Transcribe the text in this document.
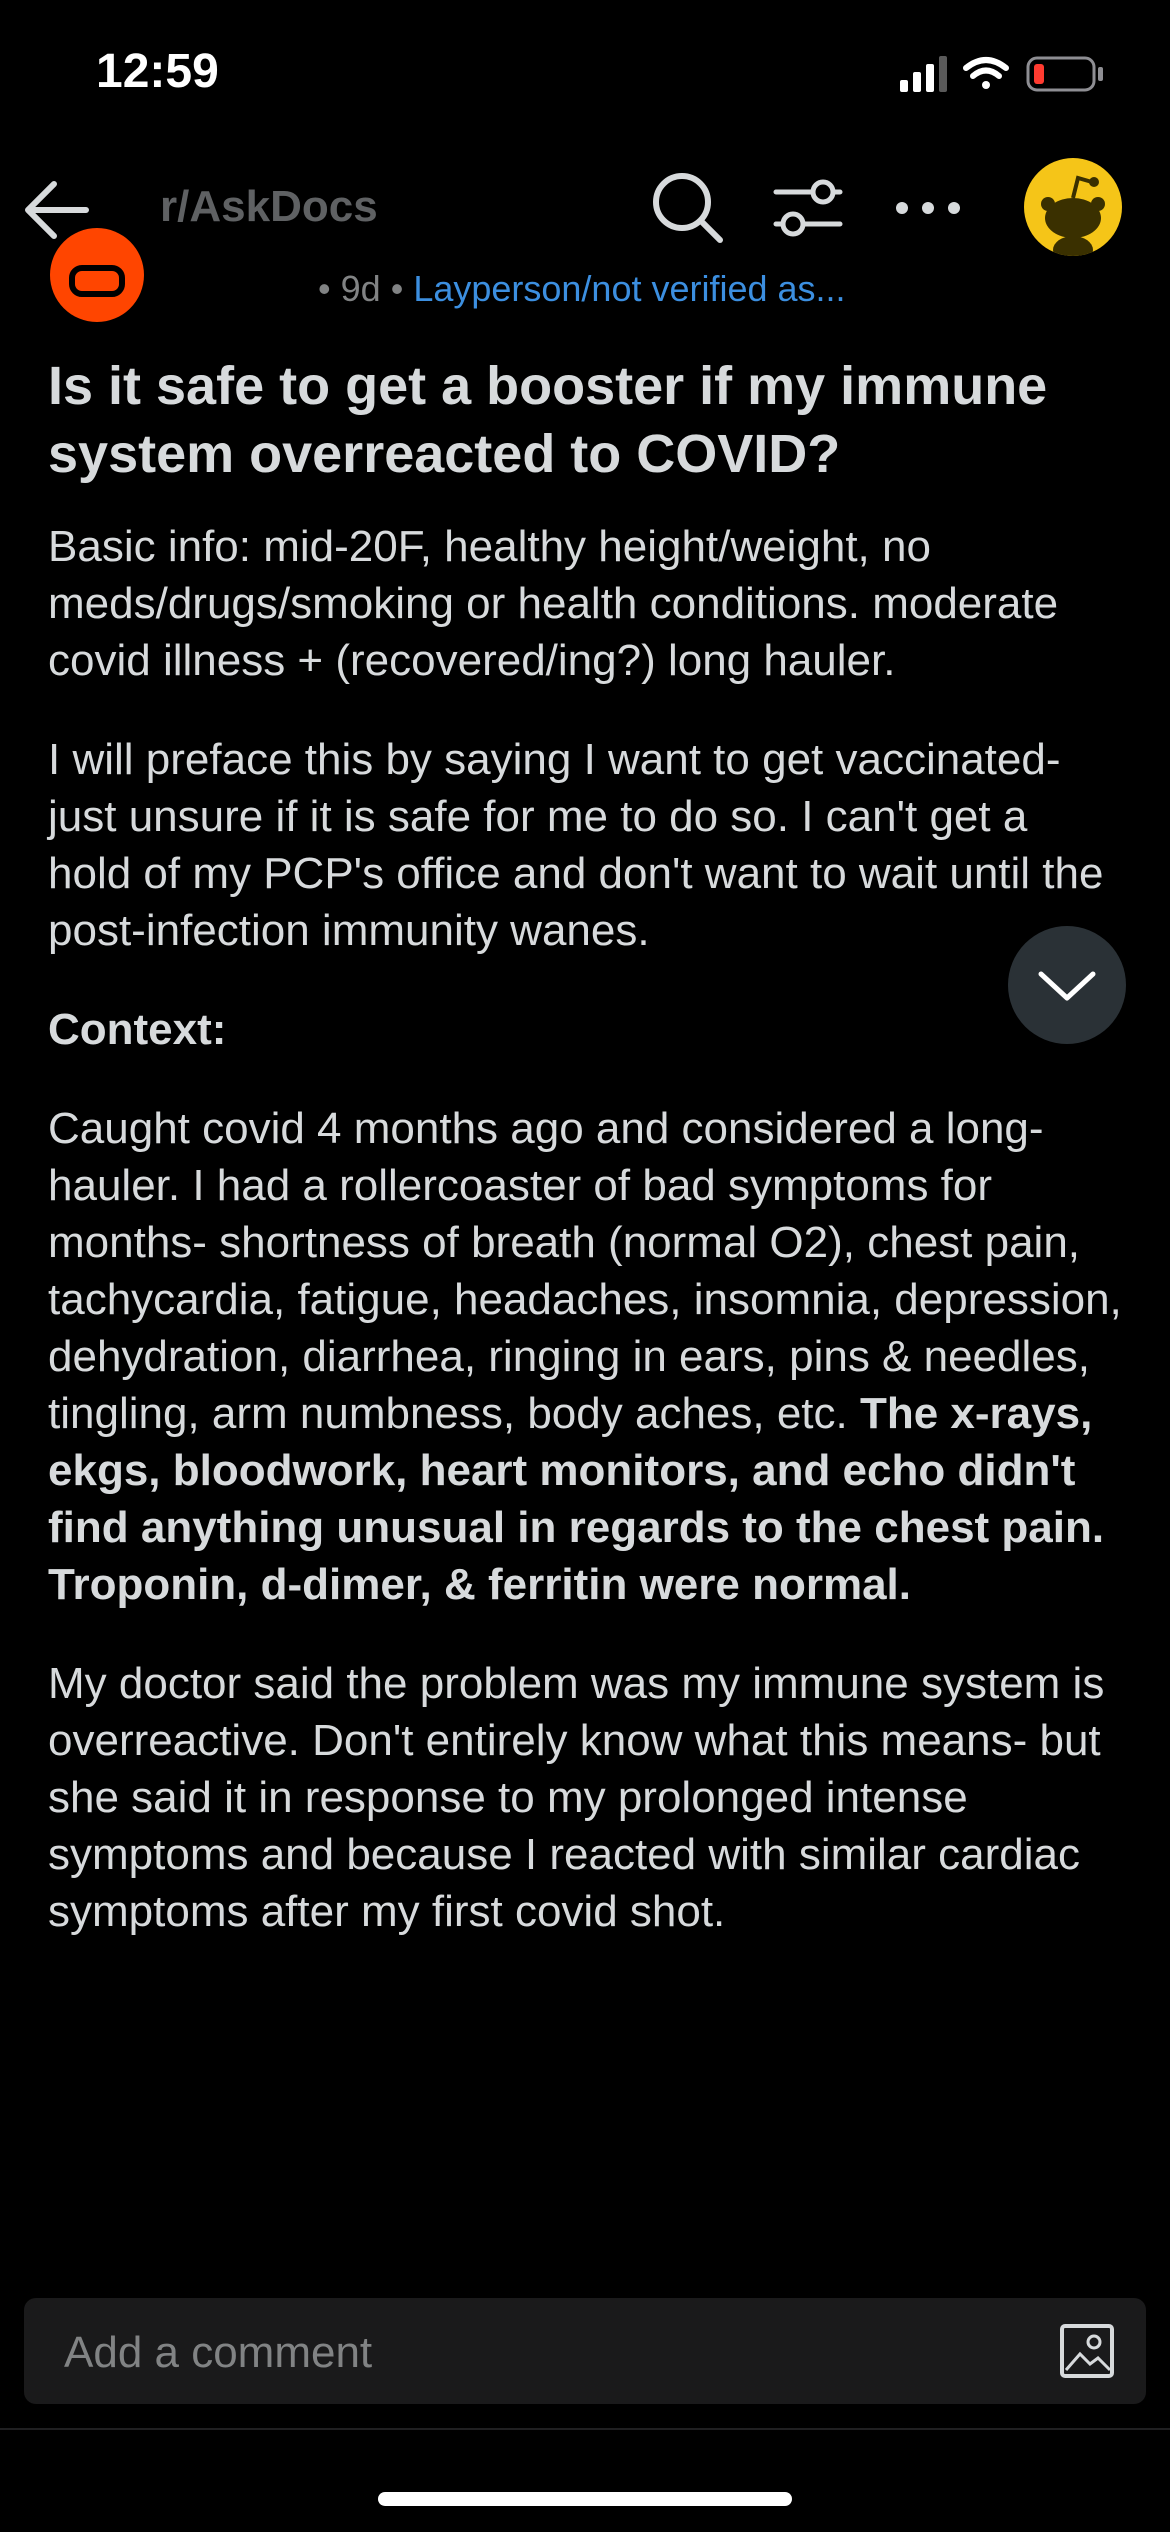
12:59
r/AskDocs
• 9d • Layperson/not verified as...
Is it safe to get a booster if my immune system overreacted to COVID?

Basic info: mid-20F, healthy height/weight, no meds/drugs/smoking or health conditions. moderate covid illness + (recovered/ing?) long hauler.

I will preface this by saying I want to get vaccinated- just unsure if it is safe for me to do so. I can't get a hold of my PCP's office and don't want to wait until the post-infection immunity wanes.

Context:

Caught covid 4 months ago and considered a long-hauler. I had a rollercoaster of bad symptoms for months- shortness of breath (normal O2), chest pain, tachycardia, fatigue, headaches, insomnia, depression, dehydration, diarrhea, ringing in ears, pins & needles, tingling, arm numbness, body aches, etc. The x-rays, ekgs, bloodwork, heart monitors, and echo didn't find anything unusual in regards to the chest pain. Troponin, d-dimer, & ferritin were normal.

My doctor said the problem was my immune system is overreactive. Don't entirely know what this means- but she said it in response to my prolonged intense symptoms and because I reacted with similar cardiac symptoms after my first covid shot.

Add a comment
